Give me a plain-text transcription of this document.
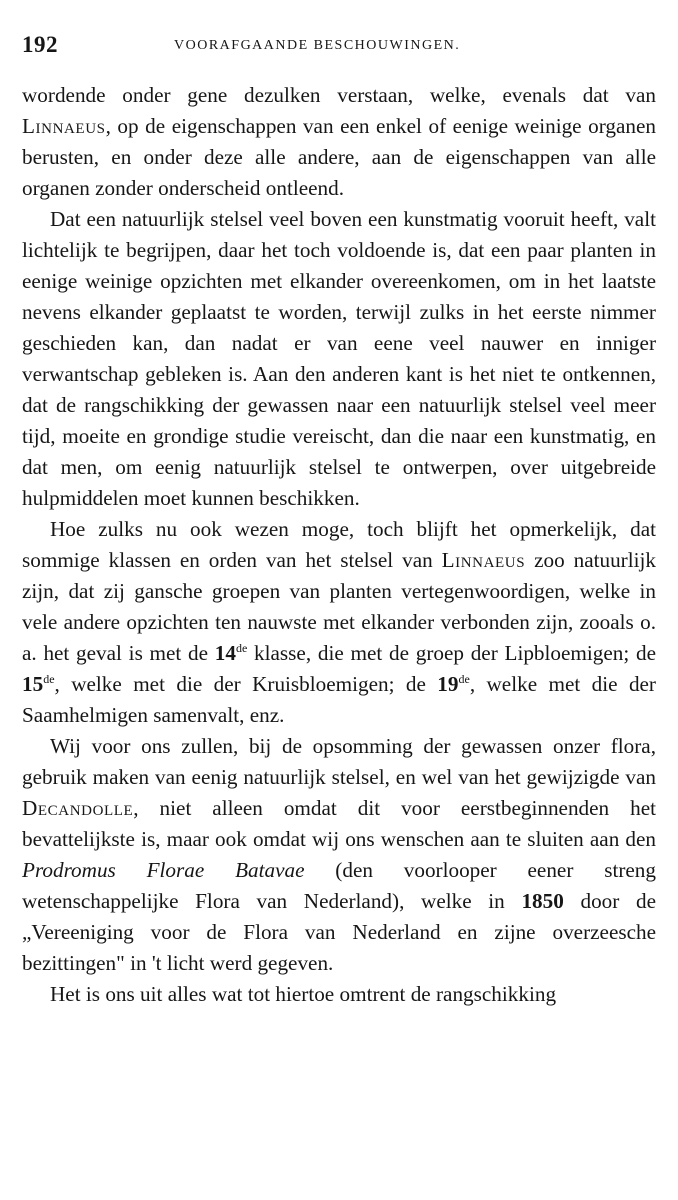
192	VOORAFGAANDE BESCHOUWINGEN.

wordende onder gene dezulken verstaan, welke, evenals dat van Linnaeus, op de eigenschappen van een enkel of eenige weinige organen berusten, en onder deze alle andere, aan de eigenschappen van alle organen zonder onderscheid ontleend.

Dat een natuurlijk stelsel veel boven een kunstmatig vooruit heeft, valt lichtelijk te begrijpen, daar het toch voldoende is, dat een paar planten in eenige weinige opzichten met elkander overeenkomen, om in het laatste nevens elkander geplaatst te worden, terwijl zulks in het eerste nimmer geschieden kan, dan nadat er van eene veel nauwer en inniger verwantschap gebleken is. Aan den anderen kant is het niet te ontkennen, dat de rangschikking der gewassen naar een natuurlijk stelsel veel meer tijd, moeite en grondige studie vereischt, dan die naar een kunstmatig, en dat men, om eenig natuurlijk stelsel te ontwerpen, over uitgebreide hulpmiddelen moet kunnen beschikken.

Hoe zulks nu ook wezen moge, toch blijft het opmerkelijk, dat sommige klassen en orden van het stelsel van Linnaeus zoo natuurlijk zijn, dat zij gansche groepen van planten vertegenwoordigen, welke in vele andere opzichten ten nauwste met elkander verbonden zijn, zooals o. a. het geval is met de 14de klasse, die met de groep der Lipbloemigen; de 15de, welke met die der Kruisbloemigen; de 19de, welke met die der Saamhelmigen samenvalt, enz.

Wij voor ons zullen, bij de opsomming der gewassen onzer flora, gebruik maken van eenig natuurlijk stelsel, en wel van het gewijzigde van Decandolle, niet alleen omdat dit voor eerstbeginnenden het bevattelijkste is, maar ook omdat wij ons wenschen aan te sluiten aan den Prodromus Florae Batavae (den voorlooper eener streng wetenschappelijke Flora van Nederland), welke in 1850 door de „Vereeniging voor de Flora van Nederland en zijne overzeesche bezittingen" in 't licht werd gegeven.

Het is ons uit alles wat tot hiertoe omtrent de rangschikking
